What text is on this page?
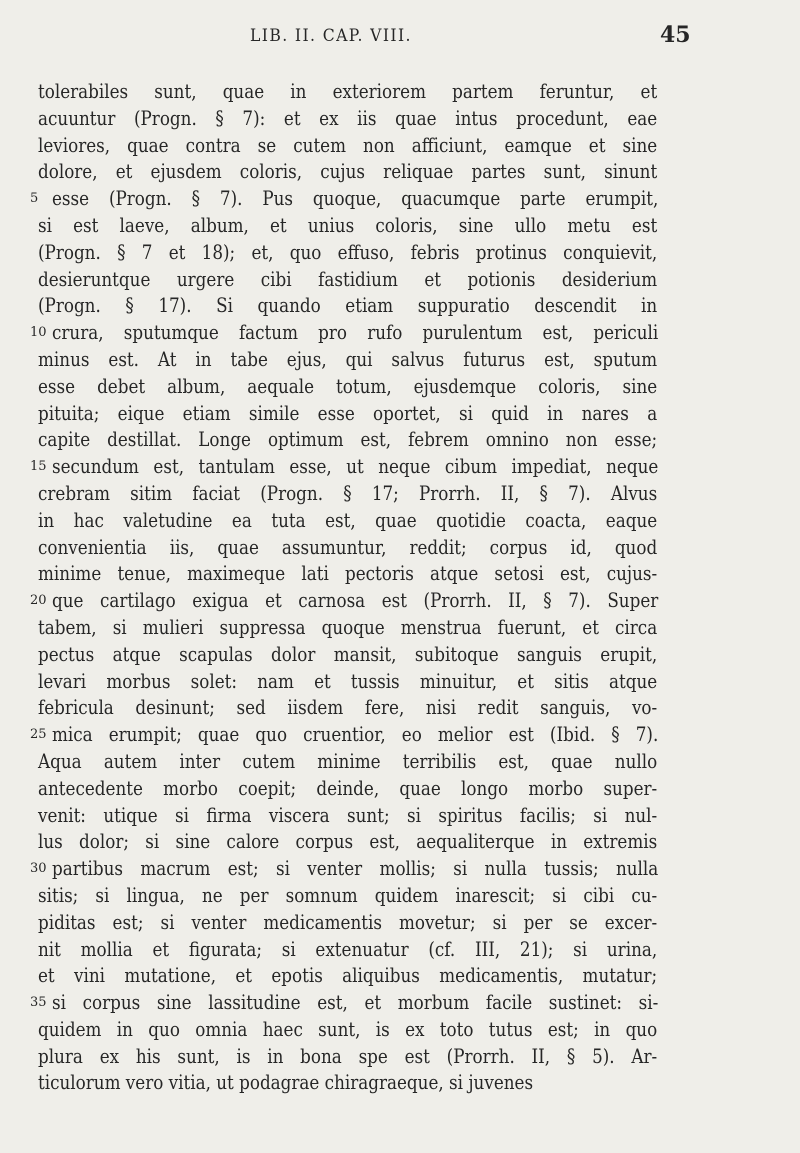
LIB. II. CAP. VIII.	45
tolerabiles sunt, quae in exteriorem partem feruntur, et
acuuntur (Progn. § 7): et ex iis quae intus procedunt, eae
leviores, quae contra se cutem non afficiunt, eamque et sine
dolore, et ejusdem coloris, cujus reliquae partes sunt, sinunt
5 esse (Progn. § 7). Pus quoque, quacumque parte erumpit,
si est laeve, album, et unius coloris, sine ullo metu est
(Progn. § 7 et 18); et, quo effuso, febris protinus conquievit,
desieruntque urgere cibi fastidium et potionis desiderium
(Progn. § 17). Si quando etiam suppuratio descendit in
10 crura, sputumque factum pro rufo purulentum est, periculi
minus est. At in tabe ejus, qui salvus futurus est, sputum
esse debet album, aequale totum, ejusdemque coloris, sine
pituita; eique etiam simile esse oportet, si quid in nares a
capite destillat. Longe optimum est, febrem omnino non esse;
15 secundum est, tantulam esse, ut neque cibum impediat, neque
crebram sitim faciat (Progn. § 17; Prorrh. II, § 7). Alvus
in hac valetudine ea tuta est, quae quotidie coacta, eaque
convenientia iis, quae assumuntur, reddit; corpus id, quod
minime tenue, maximeque lati pectoris atque setosi est, cujus-
20 que cartilago exigua et carnosa est (Prorrh. II, § 7). Super
tabem, si mulieri suppressa quoque menstrua fuerunt, et circa
pectus atque scapulas dolor mansit, subitoque sanguis erupit,
levari morbus solet: nam et tussis minuitur, et sitis atque
febricula desinunt; sed iisdem fere, nisi redit sanguis, vo-
25 mica erumpit; quae quo cruentior, eo melior est (Ibid. § 7).
Aqua autem inter cutem minime terribilis est, quae nullo
antecedente morbo coepit; deinde, quae longo morbo super-
venit: utique si firma viscera sunt; si spiritus facilis; si nul-
lus dolor; si sine calore corpus est, aequaliterque in extremis
30 partibus macrum est; si venter mollis; si nulla tussis; nulla
sitis; si lingua, ne per somnum quidem inarescit; si cibi cu-
piditas est; si venter medicamentis movetur; si per se excer-
nit mollia et figurata; si extenuatur (cf. III, 21); si urina,
et vini mutatione, et epotis aliquibus medicamentis, mutatur;
35 si corpus sine lassitudine est, et morbum facile sustinet: si-
quidem in quo omnia haec sunt, is ex toto tutus est; in quo
plura ex his sunt, is in bona spe est (Prorrh. II, § 5). Ar-
ticulorum vero vitia, ut podagrae chiragraeque, si juvenes
